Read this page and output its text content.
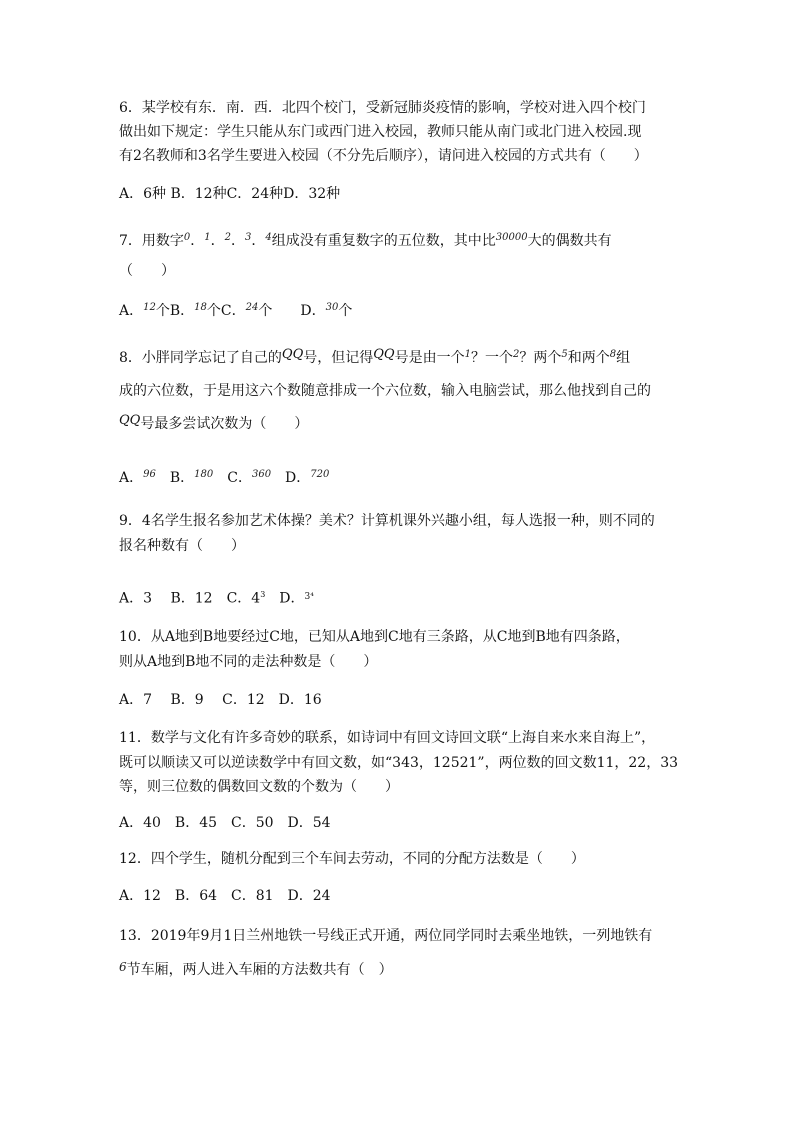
6．某学校有东．南．西．北四个校门，受新冠肺炎疫情的影响，学校对进入四个校门
做出如下规定：学生只能从东门或西门进入校园，教师只能从南门或北门进入校园.现
有2名教师和3名学生要进入校园（不分先后顺序），请问进入校园的方式共有（　　）
A．6种 B．12种C．24种D．32种
7．用数字$^0$．$^1$．$^2$．$^3$．$^4$组成没有重复数字的五位数，其中比$^{30000}$大的偶数共有
（　　）
A．$^{12}$个B．$^{18}$个C．$^{24}$个　　D．$^{30}$个
8．小胖同学忘记了自己的QQ号，但记得QQ号是由一个$^1$？一个$^2$？两个$^5$和两个$^8$组
成的六位数，于是用这六个数随意排成一个六位数，输入电脑尝试，那么他找到自己的
QQ号最多尝试次数为（　　）
A．$^{96}$　B．$^{180}$　C．$^{360}$　D．$^{720}$
9．4名学生报名参加艺术体操？美术？计算机课外兴趣小组，每人选报一种，则不同的
报名种数有（　　）
A．3　 B．12　C．$4^3$　D．$^{3^4}$
10．从A地到B地要经过C地，已知从A地到C地有三条路，从C地到B地有四条路，
则从A地到B地不同的走法种数是（　　）
A．7　 B．9　 C．12　D．16
11．数学与文化有许多奇妙的联系，如诗词中有回文诗回文联“上海自来水来自海上”，
既可以顺读又可以逆读数学中有回文数，如“343，12521”，两位数的回文数11，22，33
等，则三位数的偶数回文数的个数为（　　）
A．40　B．45　C．50　D．54
12．四个学生，随机分配到三个车间去劳动，不同的分配方法数是（　　）
A．12　B．64　C．81　D．24
13．2019年9月1日兰州地铁一号线正式开通，两位同学同时去乘坐地铁，一列地铁有
6节车厢，两人进入车厢的方法数共有（　）
